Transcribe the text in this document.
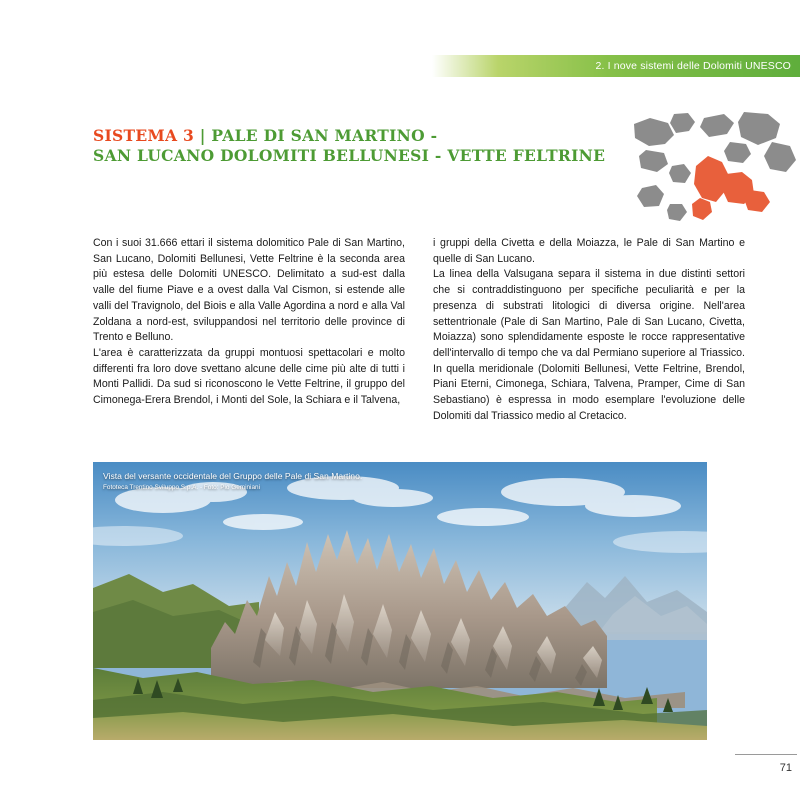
2. I nove sistemi delle Dolomiti UNESCO
SISTEMA 3 | PALE DI SAN MARTINO -
SAN LUCANO DOLOMITI BELLUNESI - VETTE FELTRINE

Con i suoi 31.666 ettari il sistema dolomitico Pale di San Martino, San Lucano, Dolomiti Bellunesi, Vette Feltrine è la seconda area più estesa delle Dolomiti UNESCO. Delimitato a sud-est dalla valle del fiume Piave e a ovest dalla Val Cismon, si estende alle valli del Travignolo, del Biois e alla Valle Agordina a nord e alla Val Zoldana a nord-est, sviluppandosi nel territorio delle province di Trento e Belluno.

L'area è caratterizzata da gruppi montuosi spettacolari e molto differenti fra loro dove svettano alcune delle cime più alte di tutti i Monti Pallidi. Da sud si riconoscono le Vette Feltrine, il gruppo del Cimonega-Erera Brendol, i Monti del Sole, la Schiara e il Talvena,

i gruppi della Civetta e della Moiazza, le Pale di San Martino e quelle di San Lucano.

La linea della Valsugana separa il sistema in due distinti settori che si contraddistinguono per specifiche peculiarità e per la presenza di substrati litologici di diversa origine. Nell'area settentrionale (Pale di San Martino, Pale di San Lucano, Civetta, Moiazza) sono splendidamente esposte le rocce rappresentative dell'intervallo di tempo che va dal Permiano superiore al Triassico. In quella meridionale (Dolomiti Bellunesi, Vette Feltrine, Brendol, Piani Eterni, Cimonega, Schiara, Talvena, Pramper, Cime di San Sebastiano) è espressa in modo esemplare l'evoluzione delle Dolomiti dal Triassico medio al Cretacico.

Vista del versante occidentale del Gruppo delle Pale di San Martino.
Fototeca Trentino Sviluppo S.p.A. - Foto: Pio Geminiani
71
